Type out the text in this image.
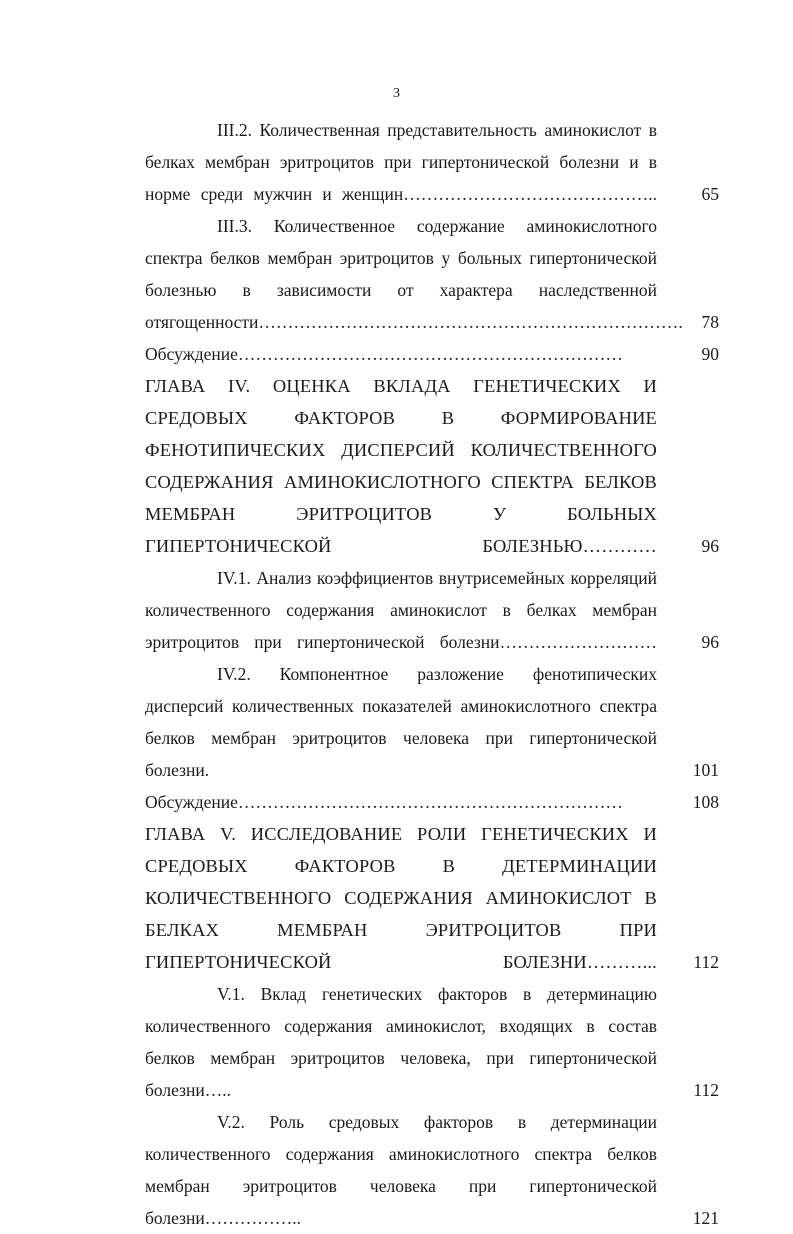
3
III.2. Количественная представительность аминокислот в белках мембран эритроцитов при гипертонической болезни и в норме среди мужчин и женщин……………………………………..	65
III.3. Количественное содержание аминокислотного спектра белков мембран эритроцитов у больных гипертонической болезнью в зависимости от характера наследственной отягощенности……………………………………………………………….	78
Обсуждение…………………………………………………………	90
ГЛАВА IV. ОЦЕНКА ВКЛАДА ГЕНЕТИЧЕСКИХ И СРЕДОВЫХ ФАКТОРОВ В ФОРМИРОВАНИЕ ФЕНОТИПИЧЕСКИХ ДИСПЕРСИЙ КОЛИЧЕСТВЕННОГО СОДЕРЖАНИЯ АМИНОКИСЛОТНОГО СПЕКТРА БЕЛКОВ МЕМБРАН ЭРИТРОЦИТОВ У БОЛЬНЫХ ГИПЕРТОНИЧЕСКОЙ БОЛЕЗНЬЮ…………	96
IV.1. Анализ коэффициентов внутрисемейных корреляций количественного содержания аминокислот в белках мембран эритроцитов при гипертонической болезни………………………	96
IV.2. Компонентное разложение фенотипических дисперсий количественных показателей аминокислотного спектра белков мембран эритроцитов человека при гипертонической болезни.	101
Обсуждение…………………………………………………………	108
ГЛАВА V. ИССЛЕДОВАНИЕ РОЛИ ГЕНЕТИЧЕСКИХ И СРЕДОВЫХ ФАКТОРОВ В ДЕТЕРМИНАЦИИ КОЛИЧЕСТВЕННОГО СОДЕРЖАНИЯ АМИНОКИСЛОТ В БЕЛКАХ МЕМБРАН ЭРИТРОЦИТОВ ПРИ ГИПЕРТОНИЧЕСКОЙ БОЛЕЗНИ………...	112
V.1. Вклад генетических факторов в детерминацию количественного содержания аминокислот, входящих в состав белков мембран эритроцитов человека, при гипертонической болезни…..	112
V.2. Роль средовых факторов в детерминации количественного содержания аминокислотного спектра белков мембран эритроцитов человека при гипертонической болезни……………..	121
